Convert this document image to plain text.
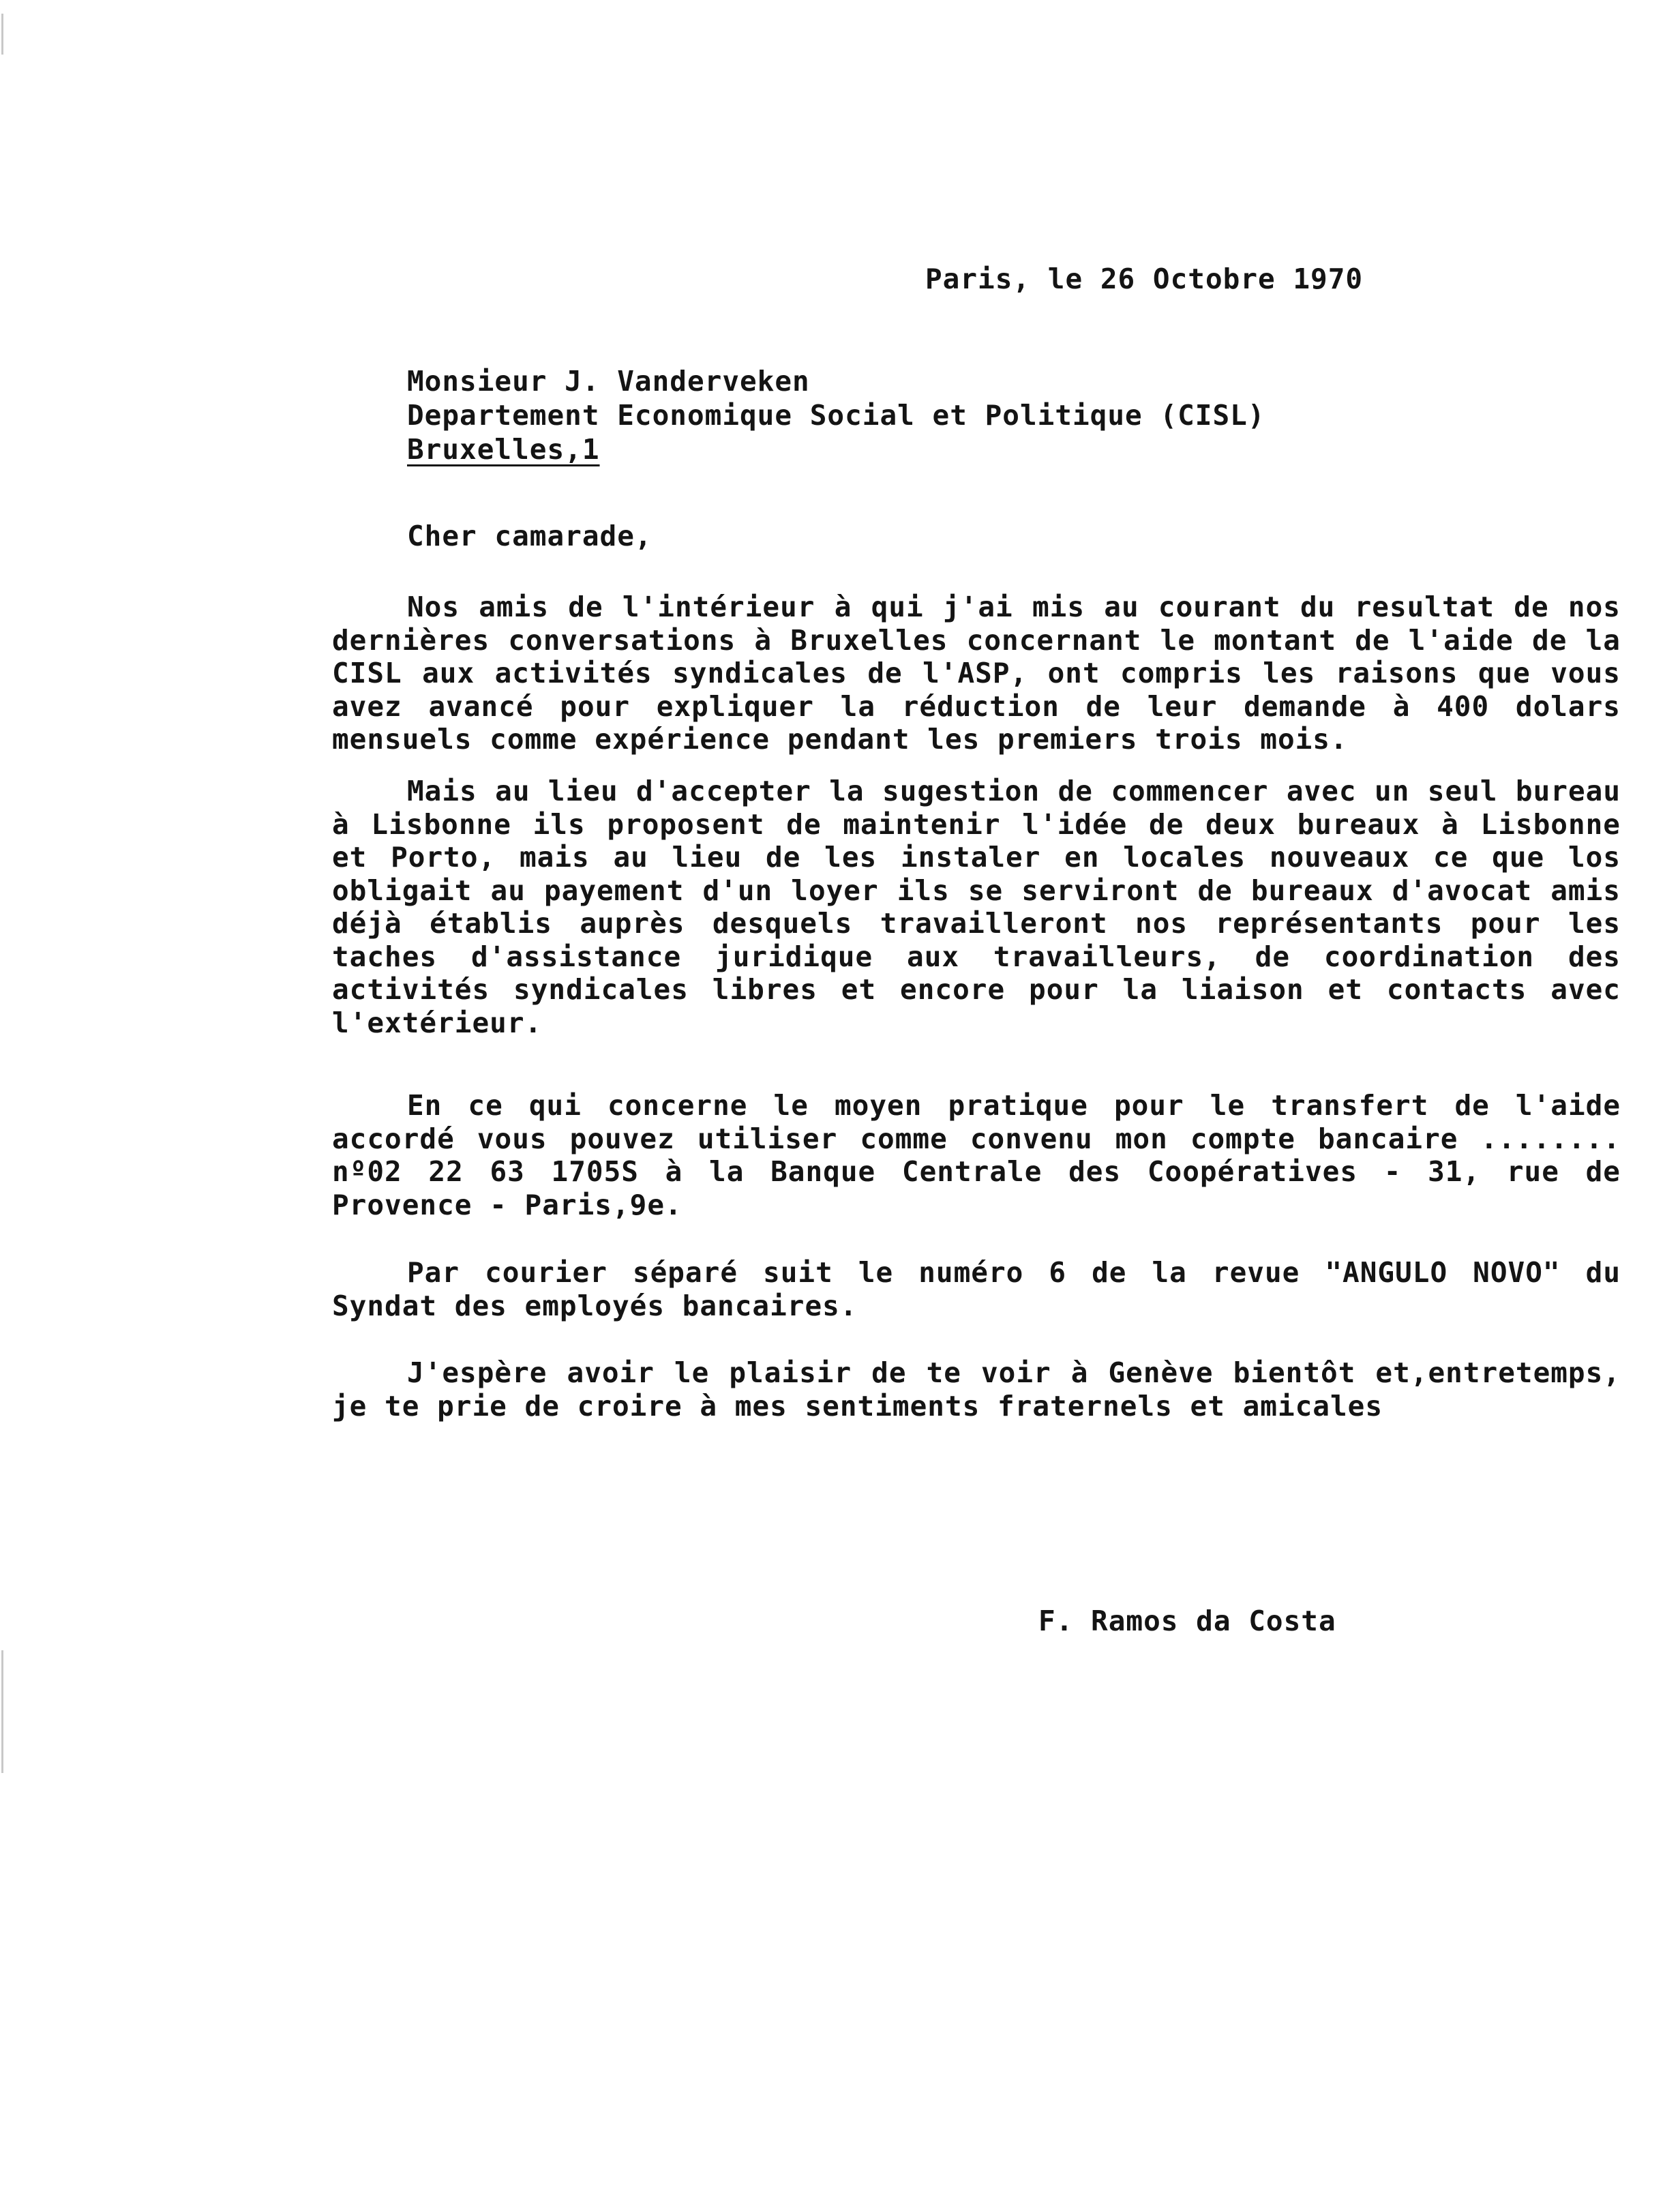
Paris, le 26 Octobre 1970
Monsieur J. Vanderveken
Departement Economique Social et Politique (CISL)
Bruxelles,1
Cher camarade,
Nos amis de l'intérieur à qui j'ai mis au courant du resultat de nos dernières conversations à Bruxelles concernant le montant de l'aide de la CISL aux activités syndicales de l'ASP, ont compris les raisons que vous avez avancé pour expliquer la réduction de leur demande à 400 dolars mensuels comme expérience pendant les premiers trois mois.
Mais au lieu d'accepter la sugestion de commencer avec un seul bureau à Lisbonne ils proposent de maintenir l'idée de deux bureaux à Lisbonne et Porto, mais au lieu de les instaler en locales nouveaux ce que los obligait au payement d'un loyer ils se serviront de bureaux d'avocat amis déjà établis auprès desquels travailleront nos représentants pour les taches d'assistance juridique aux travailleurs, de coordination des activités syndicales libres et encore pour la liaison et contacts avec l'extérieur.
En ce qui concerne le moyen pratique pour le transfert de l'aide accordé vous pouvez utiliser comme convenu mon compte bancaire ........ nº02 22 63 1705S à la Banque Centrale des Coopératives - 31, rue de Provence - Paris,9e.
Par courier séparé suit le numéro 6 de la revue "ANGULO NOVO" du Syndat des employés bancaires.
J'espère avoir le plaisir de te voir à Genève bientôt et,entretemps, je te prie de croire à mes sentiments fraternels et amicales
F. Ramos da Costa
